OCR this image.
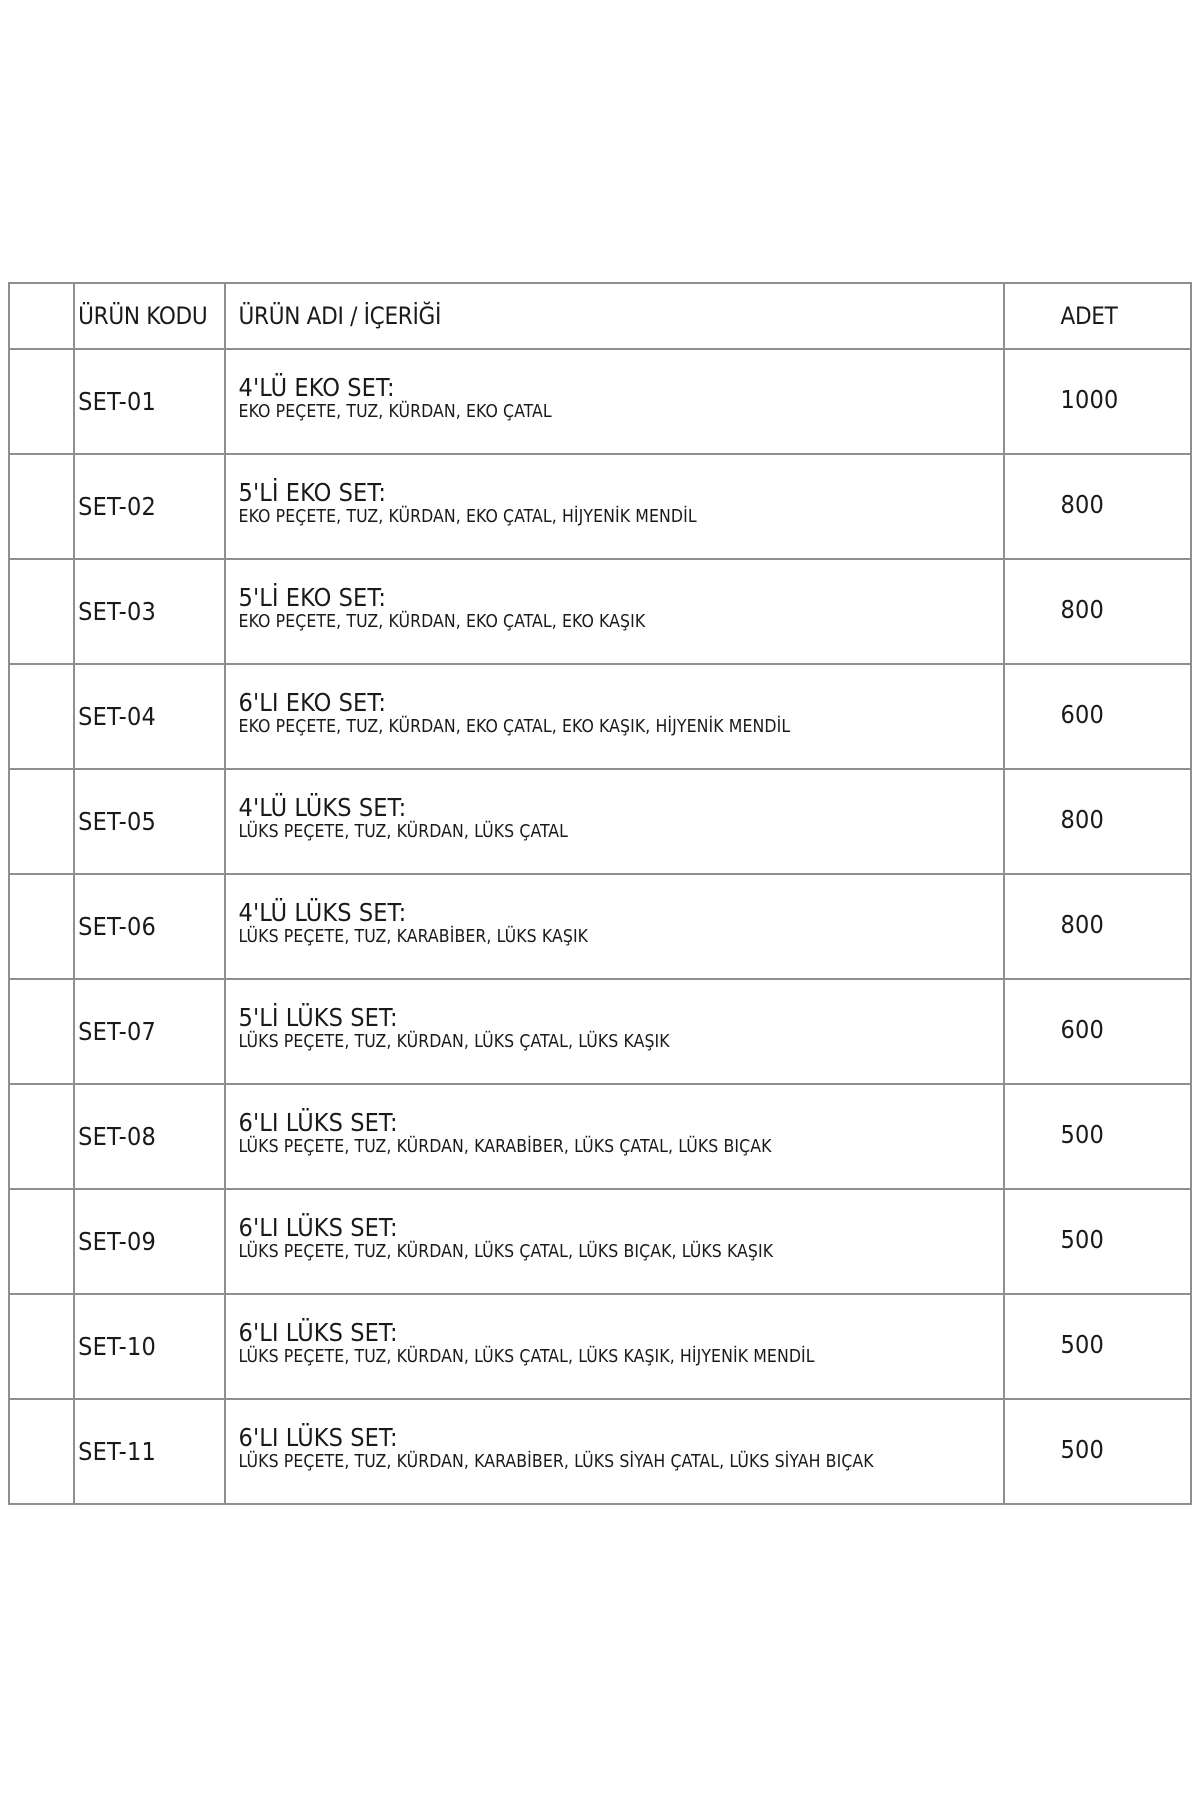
	ÜRÜN KODU	ÜRÜN ADI / İÇERİĞİ	ADET

	SET-01	4'LÜ EKO SET:
EKO PEÇETE, TUZ, KÜRDAN, EKO ÇATAL	1000

	SET-02	5'Lİ EKO SET:
EKO PEÇETE, TUZ, KÜRDAN, EKO ÇATAL, HİJYENİK MENDİL	800

	SET-03	5'Lİ EKO SET:
EKO PEÇETE, TUZ, KÜRDAN, EKO ÇATAL, EKO KAŞIK	800

	SET-04	6'LI EKO SET:
EKO PEÇETE, TUZ, KÜRDAN, EKO ÇATAL, EKO KAŞIK, HİJYENİK MENDİL	600

	SET-05	4'LÜ LÜKS SET:
LÜKS PEÇETE, TUZ, KÜRDAN, LÜKS ÇATAL	800

	SET-06	4'LÜ LÜKS SET:
LÜKS PEÇETE, TUZ, KARABİBER, LÜKS KAŞIK	800

	SET-07	5'Lİ LÜKS SET:
LÜKS PEÇETE, TUZ, KÜRDAN, LÜKS ÇATAL, LÜKS KAŞIK	600

	SET-08	6'LI LÜKS SET:
LÜKS PEÇETE, TUZ, KÜRDAN, KARABİBER, LÜKS ÇATAL, LÜKS BIÇAK	500

	SET-09	6'LI LÜKS SET:
LÜKS PEÇETE, TUZ, KÜRDAN, LÜKS ÇATAL, LÜKS BIÇAK, LÜKS KAŞIK	500

	SET-10	6'LI LÜKS SET:
LÜKS PEÇETE, TUZ, KÜRDAN, LÜKS ÇATAL, LÜKS KAŞIK, HİJYENİK MENDİL	500

	SET-11	6'LI LÜKS SET:
LÜKS PEÇETE, TUZ, KÜRDAN, KARABİBER, LÜKS SİYAH ÇATAL, LÜKS SİYAH BIÇAK	500
